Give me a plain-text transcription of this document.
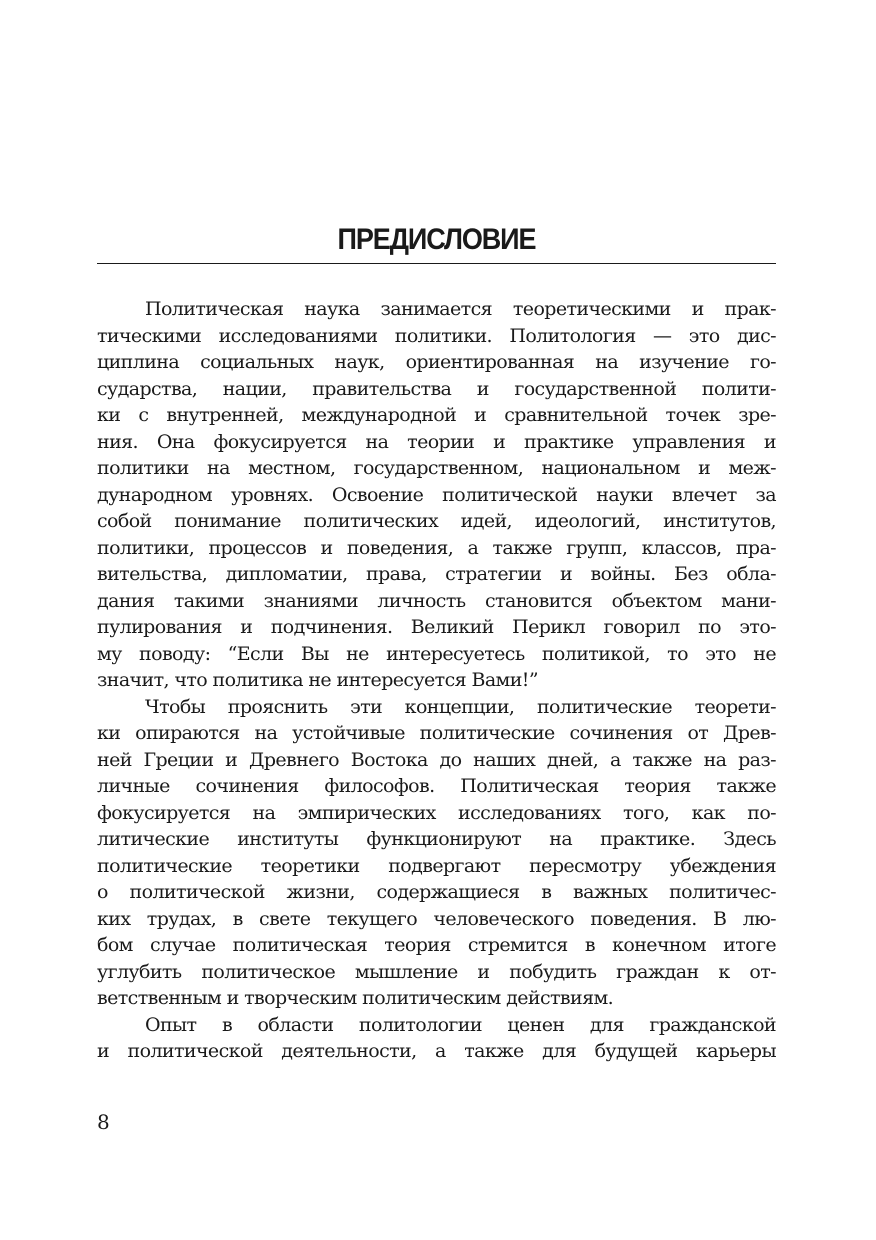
ПРЕДИСЛОВИЕ

Политическая наука занимается теоретическими и прак-
тическими исследованиями политики. Политология — это дис-
циплина социальных наук, ориентированная на изучение го-
сударства, нации, правительства и государственной полити-
ки с внутренней, международной и сравнительной точек зре-
ния. Она фокусируется на теории и практике управления и
политики на местном, государственном, национальном и меж-
дународном уровнях. Освоение политической науки влечет за
собой понимание политических идей, идеологий, институтов,
политики, процессов и поведения, а также групп, классов, пра-
вительства, дипломатии, права, стратегии и войны. Без обла-
дания такими знаниями личность становится объектом мани-
пулирования и подчинения. Великий Перикл говорил по это-
му поводу: “Если Вы не интересуетесь политикой, то это не
значит, что политика не интересуется Вами!”

Чтобы прояснить эти концепции, политические теорети-
ки опираются на устойчивые политические сочинения от Древ-
ней Греции и Древнего Востока до наших дней, а также на раз-
личные сочинения философов. Политическая теория также
фокусируется на эмпирических исследованиях того, как по-
литические институты функционируют на практике. Здесь
политические теоретики подвергают пересмотру убеждения
о политической жизни, содержащиеся в важных политичес-
ких трудах, в свете текущего человеческого поведения. В лю-
бом случае политическая теория стремится в конечном итоге
углубить политическое мышление и побудить граждан к от-
ветственным и творческим политическим действиям.

Опыт в области политологии ценен для гражданской
и политической деятельности, а также для будущей карьеры

8
